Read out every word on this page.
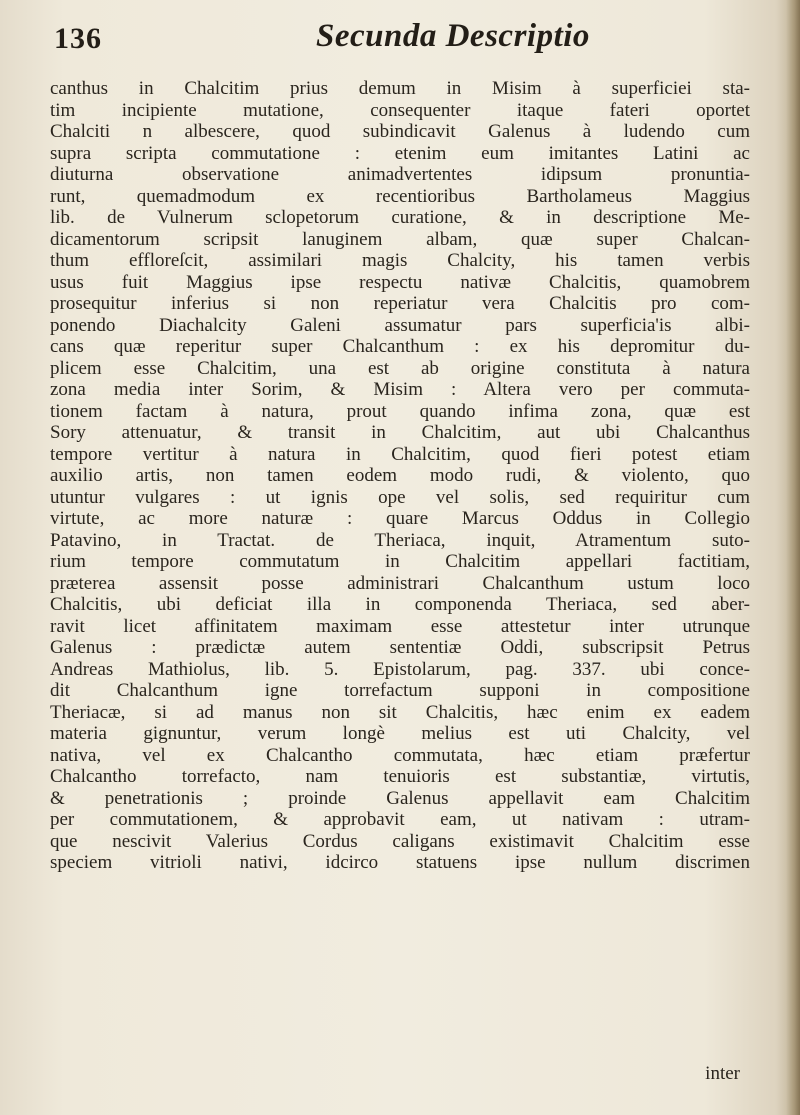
136	Secunda Descriptio
canthus in Chalcitim prius demum in Misim à superficiei sta-
tim incipiente mutatione, consequenter itaque fateri oportet
Chalciti n albescere, quod subindicavit Galenus à ludendo cum
supra scripta commutatione : etenim eum imitantes Latini ac
diuturna observatione animadvertentes idipsum pronuntia-
runt, quemadmodum ex recentioribus Bartholameus Maggius
lib. de Vulnerum sclopetorum curatione, & in descriptione Me-
dicamentorum scripsit lanuginem albam, quæ super Chalcan-
thum effloreſcit, assimilari magis Chalcity, his tamen verbis
usus fuit Maggius ipse respectu nativæ Chalcitis, quamobrem
prosequitur inferius si non reperiatur vera Chalcitis pro com-
ponendo Diachalcity Galeni assumatur pars superficia'is albi-
cans quæ reperitur super Chalcanthum : ex his depromitur du-
plicem esse Chalcitim, una est ab origine constituta à natura
zona media inter Sorim, & Misim : Altera vero per commuta-
tionem factam à natura, prout quando infima zona, quæ est
Sory attenuatur, & transit in Chalcitim, aut ubi Chalcanthus
tempore vertitur à natura in Chalcitim, quod fieri potest etiam
auxilio artis, non tamen eodem modo rudi, & violento, quo
utuntur vulgares : ut ignis ope vel solis, sed requiritur cum
virtute, ac more naturæ : quare Marcus Oddus in Collegio
Patavino, in Tractat. de Theriaca, inquit, Atramentum suto-
rium tempore commutatum in Chalcitim appellari factitiam,
præterea assensit posse administrari Chalcanthum ustum loco
Chalcitis, ubi deficiat illa in componenda Theriaca, sed aber-
ravit licet affinitatem maximam esse attestetur inter utrunque
Galenus : prædictæ autem sententiæ Oddi, subscripsit Petrus
Andreas Mathiolus, lib. 5. Epistolarum, pag. 337. ubi conce-
dit Chalcanthum igne torrefactum supponi in compositione
Theriacæ, si ad manus non sit Chalcitis, hæc enim ex eadem
materia gignuntur, verum longè melius est uti Chalcity, vel
nativa, vel ex Chalcantho commutata, hæc etiam præfertur
Chalcantho torrefacto, nam tenuioris est substantiæ, virtutis,
& penetrationis ; proinde Galenus appellavit eam Chalcitim
per commutationem, & approbavit eam, ut nativam : utram-
que nescivit Valerius Cordus caligans existimavit Chalcitim esse
speciem vitrioli nativi, idcirco statuens ipse nullum discrimen
inter
